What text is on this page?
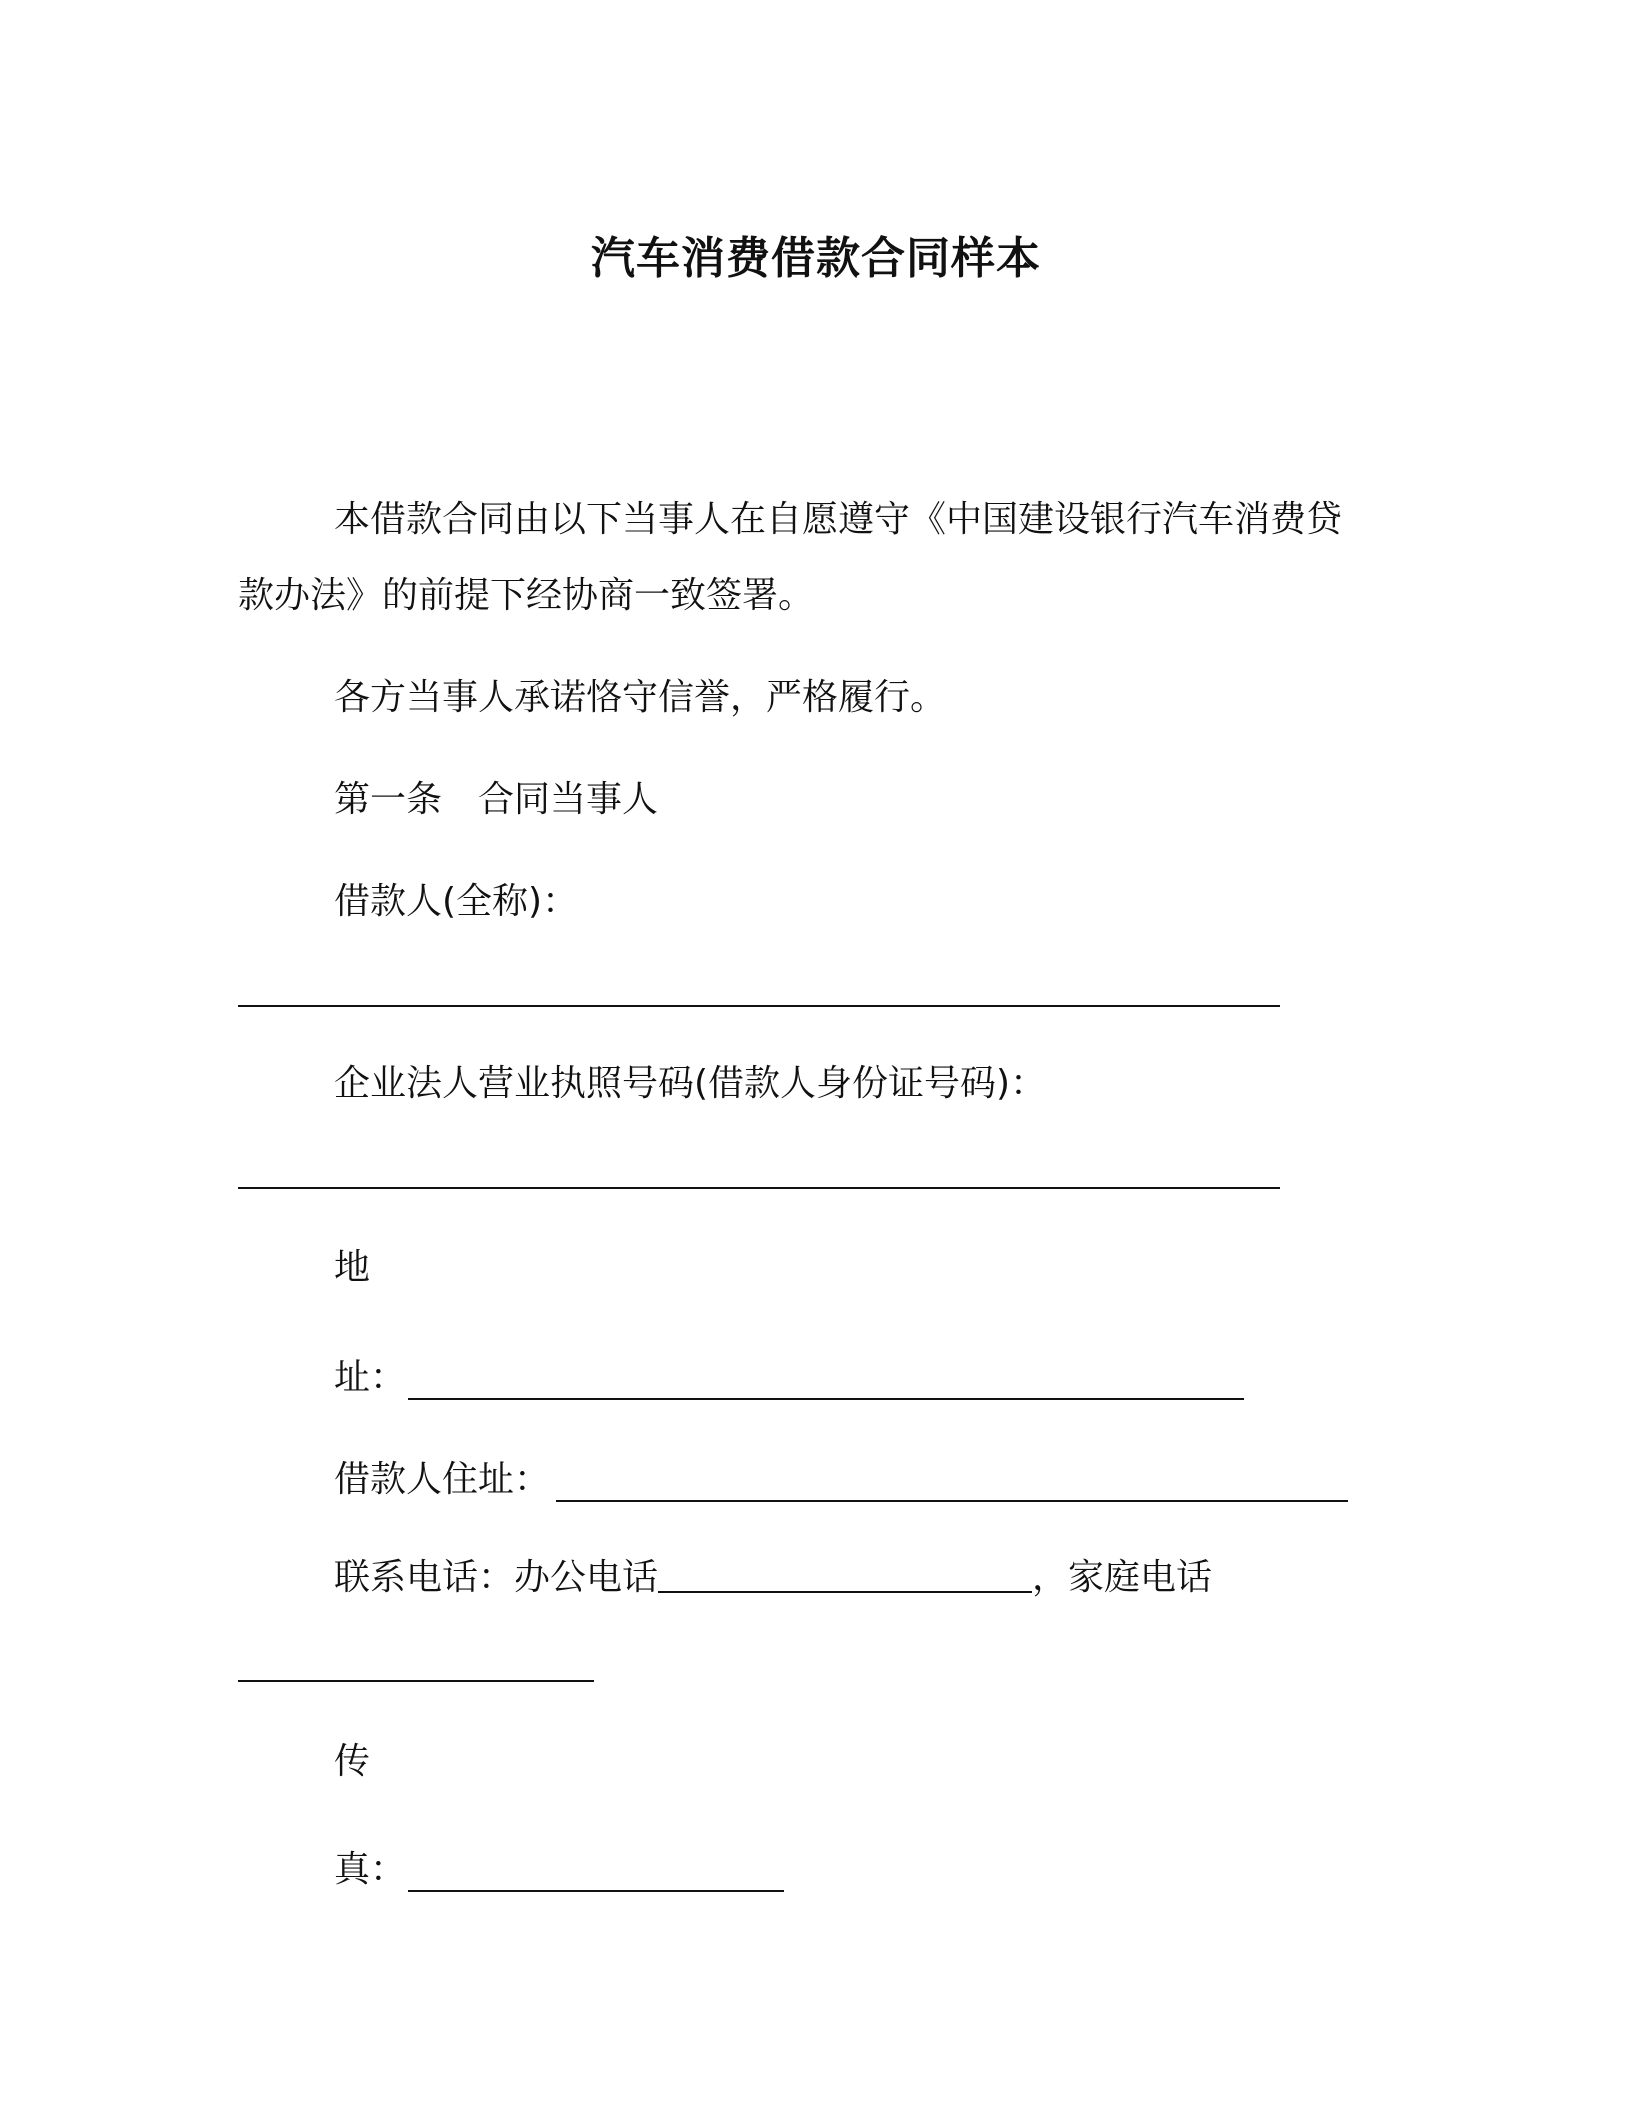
汽车消费借款合同样本
本借款合同由以下当事人在自愿遵守《中国建设银行汽车消费贷
款办法》的前提下经协商一致签署。
各方当事人承诺恪守信誉，严格履行。
第一条　合同当事人
借款人(全称)：
企业法人营业执照号码(借款人身份证号码)：
地
址：
借款人住址：
联系电话：办公电话	，家庭电话
传
真：
